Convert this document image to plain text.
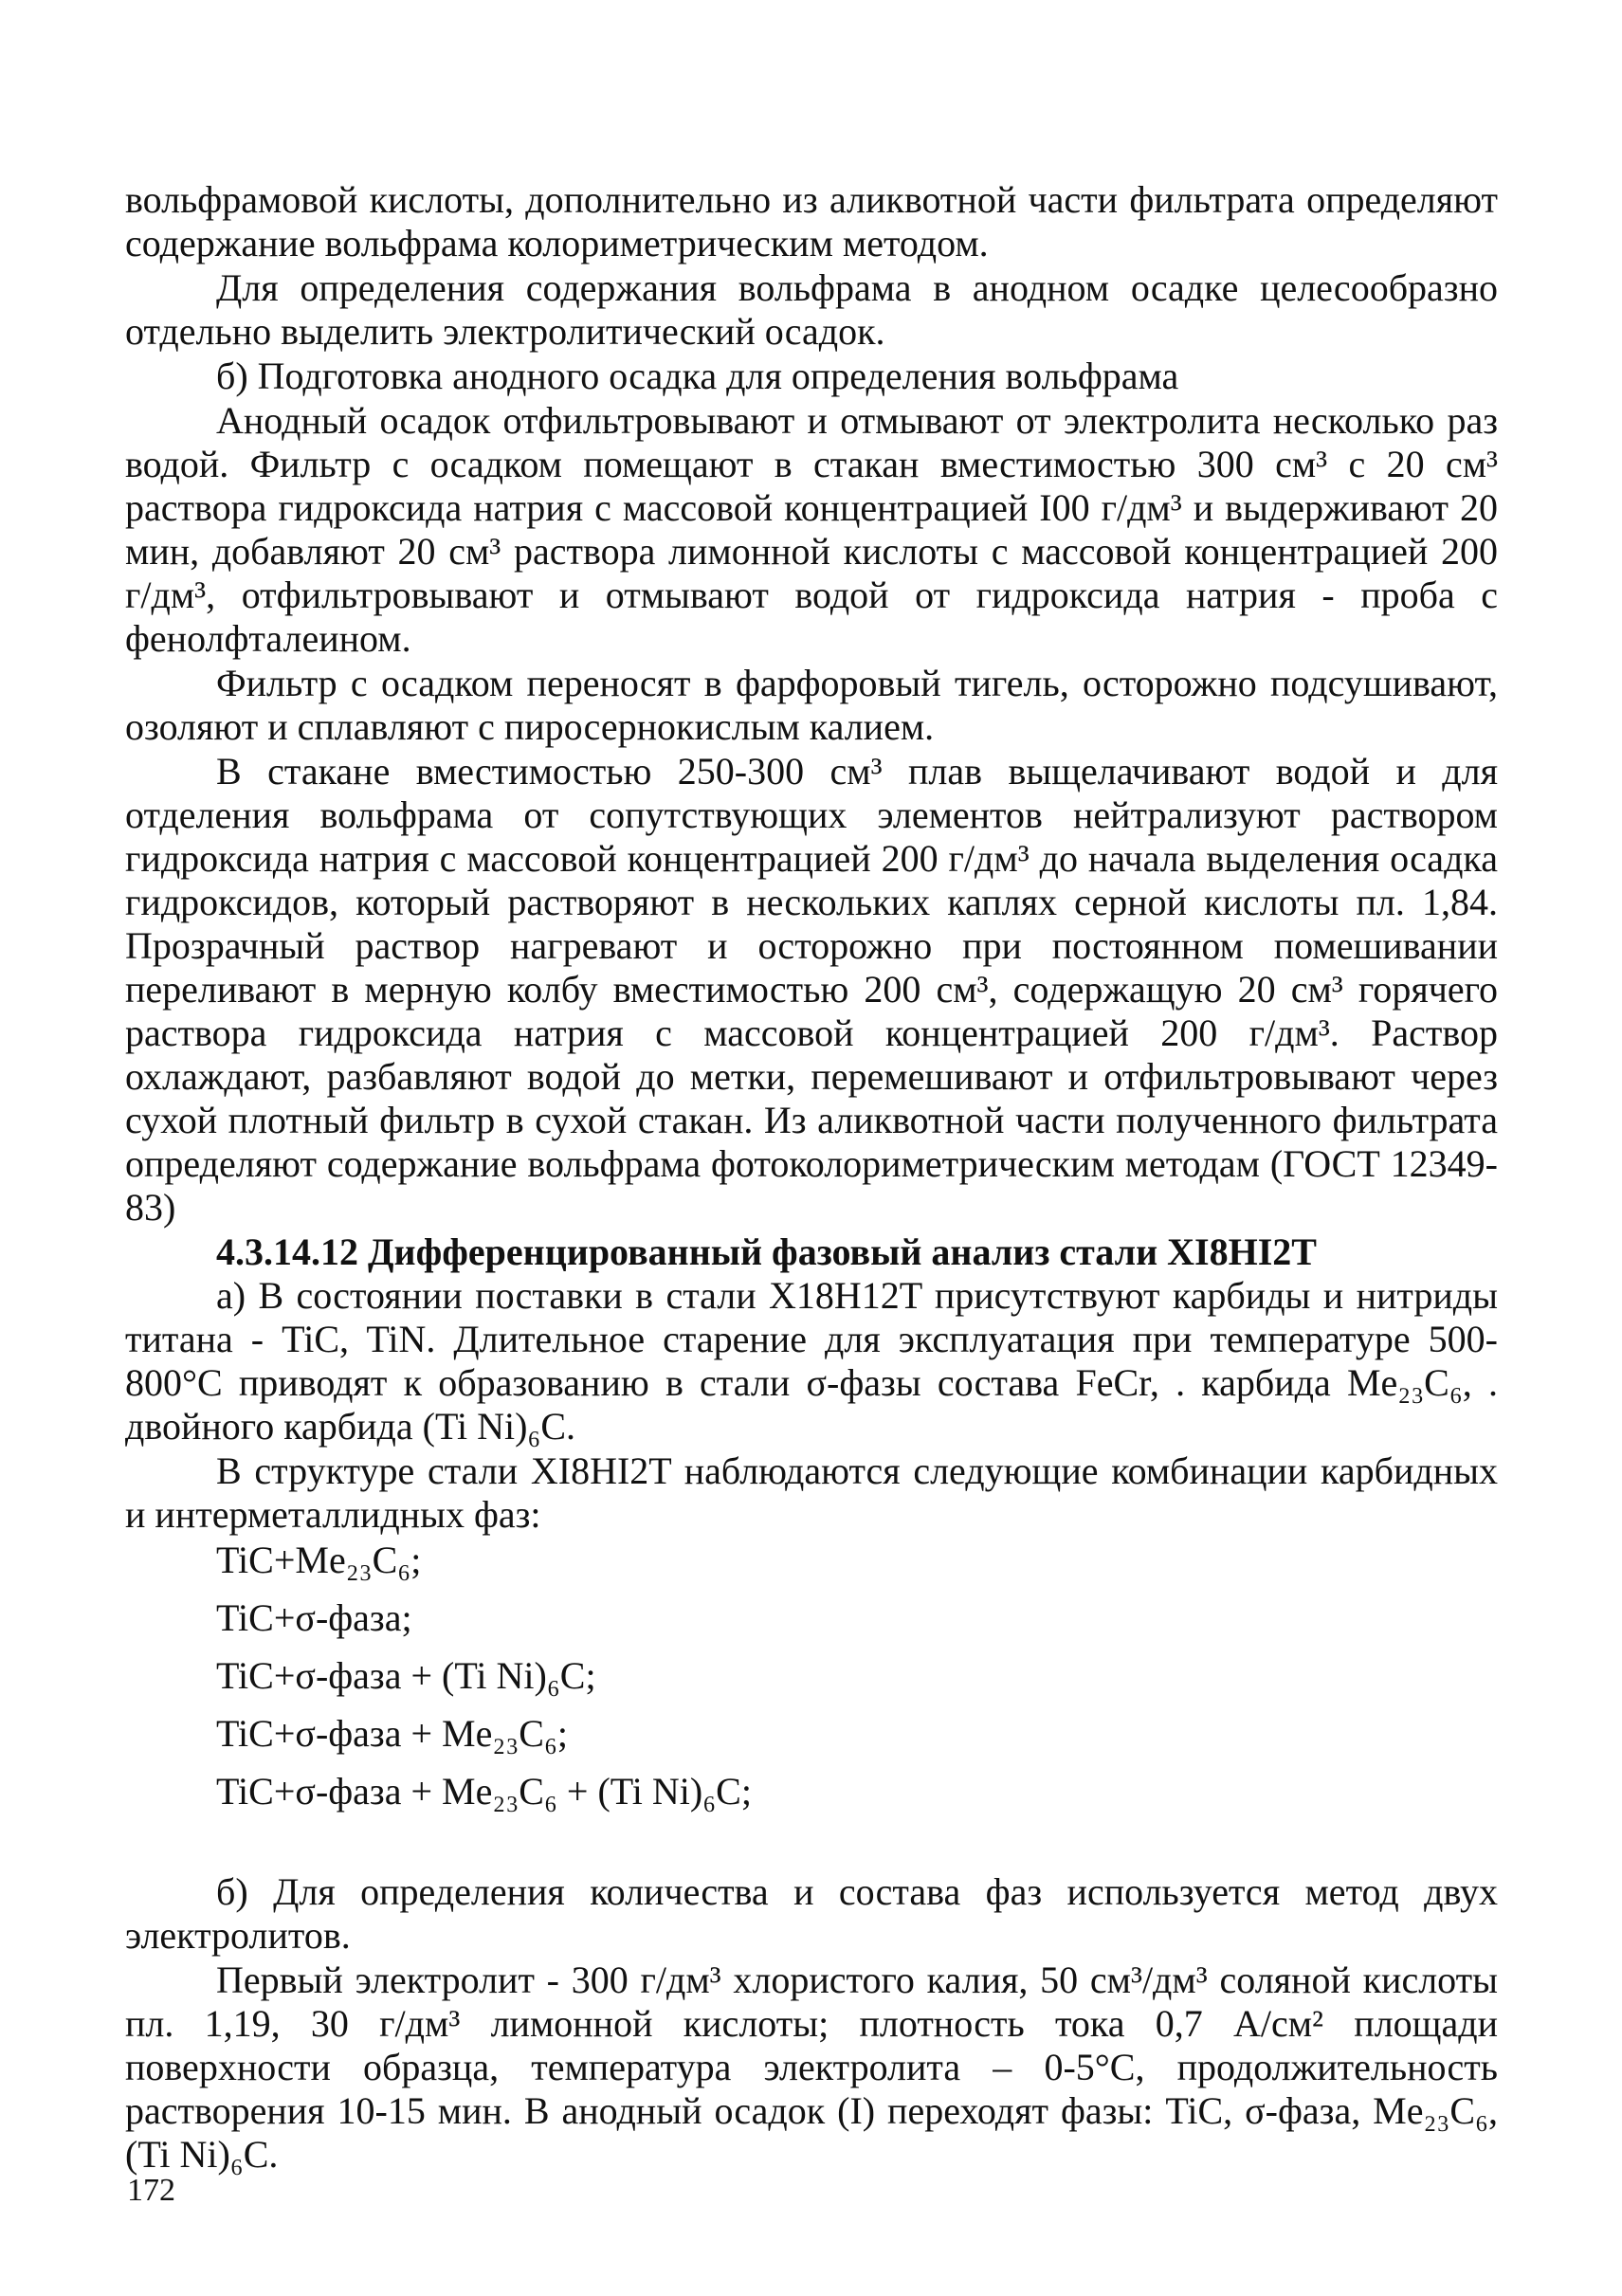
вольфрамовой кислоты, дополнительно из аликвотной части фильтрата определяют содержание вольфрама колориметрическим методом.

Для определения содержания вольфрама в анодном осадке целесообразно отдельно выделить электролитический осадок.

б) Подготовка анодного осадка для определения вольфрама

Анодный осадок отфильтровывают и отмывают от электролита несколько раз водой. Фильтр с осадком помещают в стакан вместимостью 300 см³ с 20 см³ раствора гидроксида натрия с массовой концентрацией I00 г/дм³ и выдерживают 20 мин, добавляют 20 см³ раствора лимонной кислоты с массовой концентрацией 200 г/дм³, отфильтровывают и отмывают водой от гидроксида натрия - проба с фенолфталеином.

Фильтр с осадком переносят в фарфоровый тигель, осторожно подсушивают, озоляют и сплавляют с пиросернокислым калием.

В стакане вместимостью 250-300 см³ плав выщелачивают водой и для отделения вольфрама от сопутствующих элементов нейтрализуют раствором гидроксида натрия с массовой концентрацией 200 г/дм³ до начала выделения осадка гидроксидов, который растворяют в нескольких каплях серной кислоты пл. 1,84. Прозрачный раствор нагревают и осторожно при постоянном помешивании переливают в мерную колбу вместимостью 200 см³, содержащую 20 см³ горячего раствора гидроксида натрия с массовой концентрацией 200 г/дм³. Раствор охлаждают, разбавляют водой до метки, перемешивают и отфильтровывают через сухой плотный фильтр в сухой стакан. Из аликвотной части полученного фильтрата определяют содержание вольфрама фотоколориметрическим методам (ГОСТ 12349-83)

4.3.14.12 Дифференцированный фазовый анализ стали XI8HI2T

а) В состоянии поставки в стали X18H12T присутствуют карбиды и нитриды титана - TiC, TiN. Длительное старение для эксплуатация при температуре 500-800°C приводят к образованию в стали σ-фазы состава FeCr, . карбида Me₂₃C₆, . двойного карбида (Ti Ni)₆C.

В структуре стали XI8HI2T наблюдаются следующие комбинации карбидных и интерметаллидных фаз:

TiC+Me₂₃C₆;
TiC+σ-фаза;
TiC+σ-фаза + (Ti Ni)₆C;
TiC+σ-фаза + Me₂₃C₆;
TiC+σ-фаза + Me₂₃C₆ + (Ti Ni)₆C;

б) Для определения количества и состава фаз используется метод двух электролитов.

Первый электролит - 300 г/дм³ хлористого калия, 50 см³/дм³ соляной кислоты пл. 1,19, 30 г/дм³ лимонной кислоты; плотность тока 0,7 А/см² площади поверхности образца, температура электролита – 0-5°C, продолжительность растворения 10-15 мин. В анодный осадок (I) переходят фазы: TiC, σ-фаза, Me₂₃C₆, (Ti Ni)₆C.

172
